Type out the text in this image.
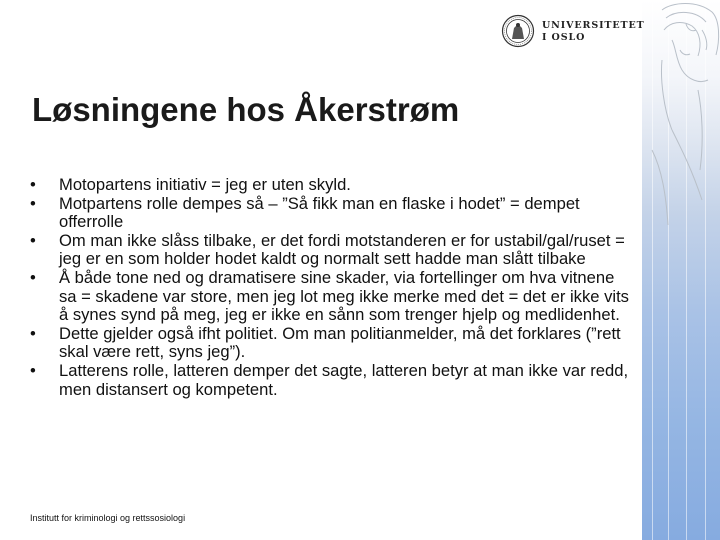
UNIVERSITETET
I OSLO
Løsningene hos Åkerstrøm
• Motopartens initiativ = jeg er uten skyld.
• Motpartens rolle dempes så – ”Så fikk man en flaske i hodet” = dempet offerrolle
• Om man ikke slåss tilbake, er det fordi motstanderen er for ustabil/gal/ruset = jeg er en som holder hodet kaldt og normalt sett hadde man slått tilbake
• Å både tone ned og dramatisere sine skader, via fortellinger om hva vitnene sa = skadene var store, men jeg lot meg ikke merke med det = det er ikke vits å synes synd på meg, jeg er ikke en sånn som trenger hjelp og medlidenhet.
• Dette gjelder også ifht politiet. Om man politianmelder, må det forklares (”rett skal være rett, syns jeg”).
• Latterens rolle, latteren demper det sagte, latteren betyr at man ikke var redd, men distansert og kompetent.
Institutt for kriminologi og rettssosiologi
